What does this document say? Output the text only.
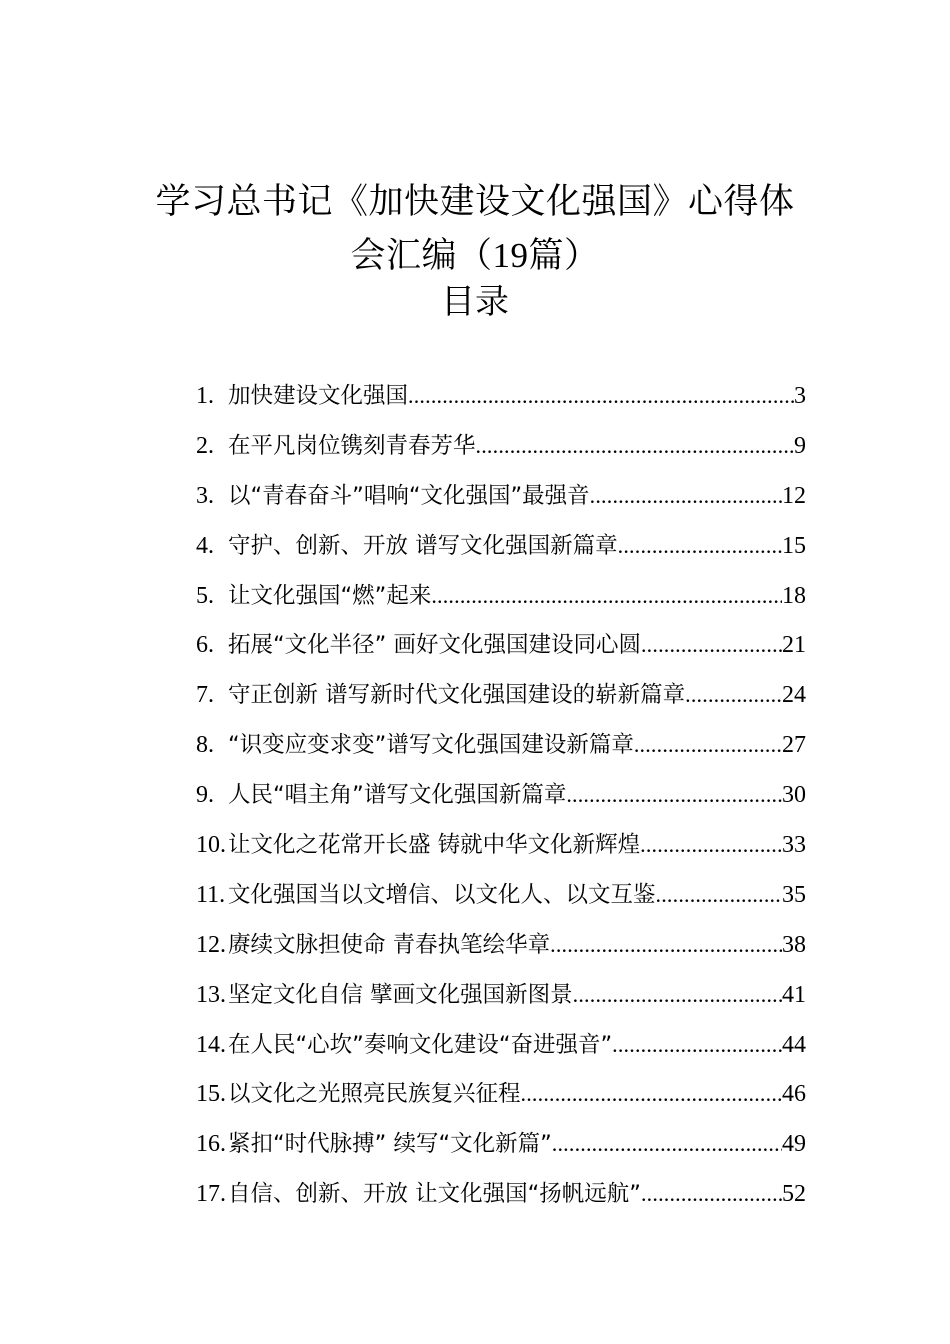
学习总书记《加快建设文化强国》心得体
会汇编（19篇）
目录
1. 加快建设文化强国 .....	3
2. 在平凡岗位镌刻青春芳华 .....	9
3. 以“青春奋斗”唱响“文化强国”最强音 .....	12
4. 守护、创新、开放 谱写文化强国新篇章 .....	15
5. 让文化强国“燃”起来 .....	18
6. 拓展“文化半径” 画好文化强国建设同心圆 .....	21
7. 守正创新 谱写新时代文化强国建设的崭新篇章 .....	24
8. “识变应变求变”谱写文化强国建设新篇章 .....	27
9. 人民“唱主角”谱写文化强国新篇章 .....	30
10. 让文化之花常开长盛 铸就中华文化新辉煌 .....	33
11. 文化强国当以文增信、以文化人、以文互鉴 .....	35
12. 赓续文脉担使命 青春执笔绘华章 .....	38
13. 坚定文化自信 擘画文化强国新图景 .....	41
14. 在人民“心坎”奏响文化建设“奋进强音” .....	44
15. 以文化之光照亮民族复兴征程 .....	46
16. 紧扣“时代脉搏” 续写“文化新篇” .....	49
17. 自信、创新、开放 让文化强国“扬帆远航” .....	52
